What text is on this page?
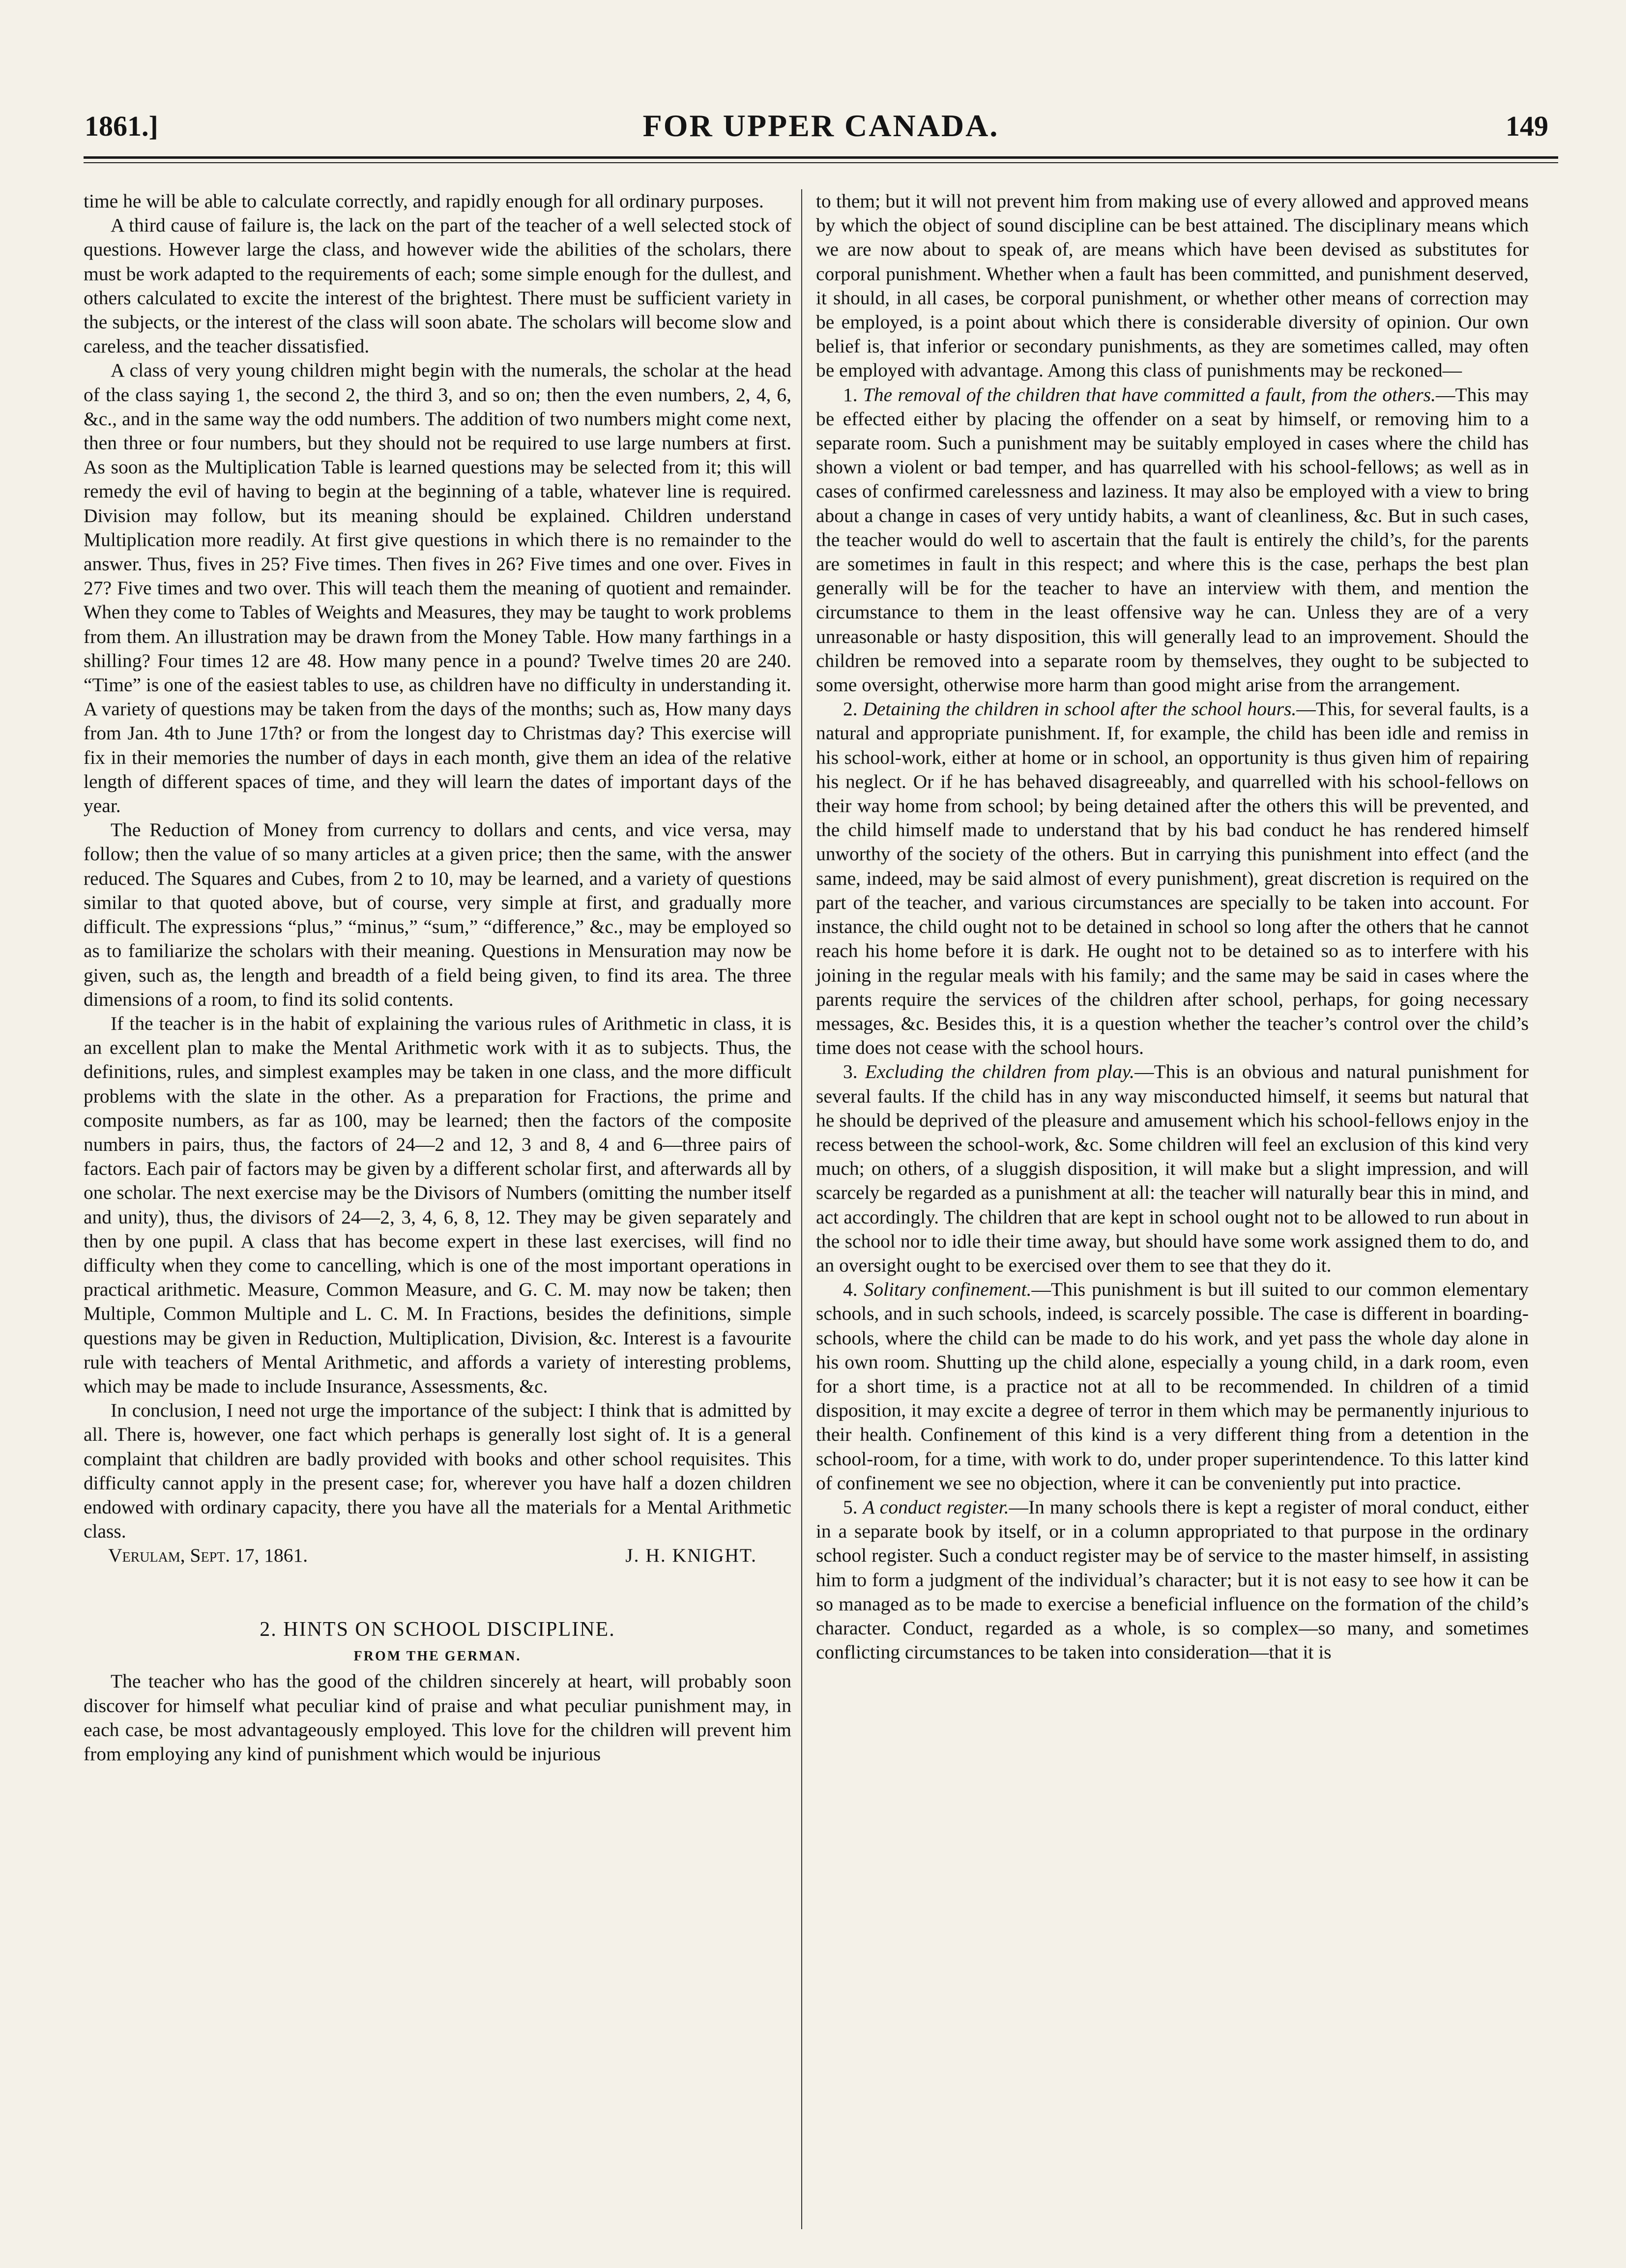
1861.]	FOR UPPER CANADA.	149

time he will be able to calculate correctly, and rapidly enough for all ordinary purposes.

A third cause of failure is, the lack on the part of the teacher of a well selected stock of questions. However large the class, and however wide the abilities of the scholars, there must be work adapted to the requirements of each; some simple enough for the dullest, and others calculated to excite the interest of the brightest. There must be sufficient variety in the subjects, or the interest of the class will soon abate. The scholars will become slow and careless, and the teacher dissatisfied.

A class of very young children might begin with the numerals, the scholar at the head of the class saying 1, the second 2, the third 3, and so on; then the even numbers, 2, 4, 6, &c., and in the same way the odd numbers. The addition of two numbers might come next, then three or four numbers, but they should not be required to use large numbers at first. As soon as the Multiplication Table is learned questions may be selected from it; this will remedy the evil of having to begin at the beginning of a table, whatever line is required. Division may follow, but its meaning should be explained. Children understand Multiplication more readily. At first give questions in which there is no remainder to the answer. Thus, fives in 25? Five times. Then fives in 26? Five times and one over. Fives in 27? Five times and two over. This will teach them the meaning of quotient and remainder. When they come to Tables of Weights and Measures, they may be taught to work problems from them. An illustration may be drawn from the Money Table. How many farthings in a shilling? Four times 12 are 48. How many pence in a pound? Twelve times 20 are 240. “Time” is one of the easiest tables to use, as children have no difficulty in understanding it. A variety of questions may be taken from the days of the months; such as, How many days from Jan. 4th to June 17th? or from the longest day to Christmas day? This exercise will fix in their memories the number of days in each month, give them an idea of the relative length of different spaces of time, and they will learn the dates of important days of the year.

The Reduction of Money from currency to dollars and cents, and vice versa, may follow; then the value of so many articles at a given price; then the same, with the answer reduced. The Squares and Cubes, from 2 to 10, may be learned, and a variety of questions similar to that quoted above, but of course, very simple at first, and gradually more difficult. The expressions “plus,” “minus,” “sum,” “difference,” &c., may be employed so as to familiarize the scholars with their meaning. Questions in Mensuration may now be given, such as, the length and breadth of a field being given, to find its area. The three dimensions of a room, to find its solid contents.

If the teacher is in the habit of explaining the various rules of Arithmetic in class, it is an excellent plan to make the Mental Arithmetic work with it as to subjects. Thus, the definitions, rules, and simplest examples may be taken in one class, and the more difficult problems with the slate in the other. As a preparation for Fractions, the prime and composite numbers, as far as 100, may be learned; then the factors of the composite numbers in pairs, thus, the factors of 24—2 and 12, 3 and 8, 4 and 6—three pairs of factors. Each pair of factors may be given by a different scholar first, and afterwards all by one scholar. The next exercise may be the Divisors of Numbers (omitting the number itself and unity), thus, the divisors of 24—2, 3, 4, 6, 8, 12. They may be given separately and then by one pupil. A class that has become expert in these last exercises, will find no difficulty when they come to cancelling, which is one of the most important operations in practical arithmetic. Measure, Common Measure, and G. C. M. may now be taken; then Multiple, Common Multiple and L. C. M. In Fractions, besides the definitions, simple questions may be given in Reduction, Multiplication, Division, &c. Interest is a favourite rule with teachers of Mental Arithmetic, and affords a variety of interesting problems, which may be made to include Insurance, Assessments, &c.

In conclusion, I need not urge the importance of the subject: I think that is admitted by all. There is, however, one fact which perhaps is generally lost sight of. It is a general complaint that children are badly provided with books and other school requisites. This difficulty cannot apply in the present case; for, wherever you have half a dozen children endowed with ordinary capacity, there you have all the materials for a Mental Arithmetic class.

Verulam, Sept. 17, 1861.	J. H. KNIGHT.
2. HINTS ON SCHOOL DISCIPLINE.
FROM THE GERMAN.

The teacher who has the good of the children sincerely at heart, will probably soon discover for himself what peculiar kind of praise and what peculiar punishment may, in each case, be most advantageously employed. This love for the children will prevent him from employing any kind of punishment which would be injurious

to them; but it will not prevent him from making use of every allowed and approved means by which the object of sound discipline can be best attained. The disciplinary means which we are now about to speak of, are means which have been devised as substitutes for corporal punishment. Whether when a fault has been committed, and punishment deserved, it should, in all cases, be corporal punishment, or whether other means of correction may be employed, is a point about which there is considerable diversity of opinion. Our own belief is, that inferior or secondary punishments, as they are sometimes called, may often be employed with advantage. Among this class of punishments may be reckoned—

1. The removal of the children that have committed a fault, from the others.—This may be effected either by placing the offender on a seat by himself, or removing him to a separate room. Such a punishment may be suitably employed in cases where the child has shown a violent or bad temper, and has quarrelled with his school-fellows; as well as in cases of confirmed carelessness and laziness. It may also be employed with a view to bring about a change in cases of very untidy habits, a want of cleanliness, &c. But in such cases, the teacher would do well to ascertain that the fault is entirely the child’s, for the parents are sometimes in fault in this respect; and where this is the case, perhaps the best plan generally will be for the teacher to have an interview with them, and mention the circumstance to them in the least offensive way he can. Unless they are of a very unreasonable or hasty disposition, this will generally lead to an improvement. Should the children be removed into a separate room by themselves, they ought to be subjected to some oversight, otherwise more harm than good might arise from the arrangement.

2. Detaining the children in school after the school hours.—This, for several faults, is a natural and appropriate punishment. If, for example, the child has been idle and remiss in his school-work, either at home or in school, an opportunity is thus given him of repairing his neglect. Or if he has behaved disagreeably, and quarrelled with his school-fellows on their way home from school; by being detained after the others this will be prevented, and the child himself made to understand that by his bad conduct he has rendered himself unworthy of the society of the others. But in carrying this punishment into effect (and the same, indeed, may be said almost of every punishment), great discretion is required on the part of the teacher, and various circumstances are specially to be taken into account. For instance, the child ought not to be detained in school so long after the others that he cannot reach his home before it is dark. He ought not to be detained so as to interfere with his joining in the regular meals with his family; and the same may be said in cases where the parents require the services of the children after school, perhaps, for going necessary messages, &c. Besides this, it is a question whether the teacher’s control over the child’s time does not cease with the school hours.

3. Excluding the children from play.—This is an obvious and natural punishment for several faults. If the child has in any way misconducted himself, it seems but natural that he should be deprived of the pleasure and amusement which his school-fellows enjoy in the recess between the school-work, &c. Some children will feel an exclusion of this kind very much; on others, of a sluggish disposition, it will make but a slight impression, and will scarcely be regarded as a punishment at all: the teacher will naturally bear this in mind, and act accordingly. The children that are kept in school ought not to be allowed to run about in the school nor to idle their time away, but should have some work assigned them to do, and an oversight ought to be exercised over them to see that they do it.

4. Solitary confinement.—This punishment is but ill suited to our common elementary schools, and in such schools, indeed, is scarcely possible. The case is different in boarding-schools, where the child can be made to do his work, and yet pass the whole day alone in his own room. Shutting up the child alone, especially a young child, in a dark room, even for a short time, is a practice not at all to be recommended. In children of a timid disposition, it may excite a degree of terror in them which may be permanently injurious to their health. Confinement of this kind is a very different thing from a detention in the school-room, for a time, with work to do, under proper superintendence. To this latter kind of confinement we see no objection, where it can be conveniently put into practice.

5. A conduct register.—In many schools there is kept a register of moral conduct, either in a separate book by itself, or in a column appropriated to that purpose in the ordinary school register. Such a conduct register may be of service to the master himself, in assisting him to form a judgment of the individual’s character; but it is not easy to see how it can be so managed as to be made to exercise a beneficial influence on the formation of the child’s character. Conduct, regarded as a whole, is so complex—so many, and sometimes conflicting circumstances to be taken into consideration—that it is
